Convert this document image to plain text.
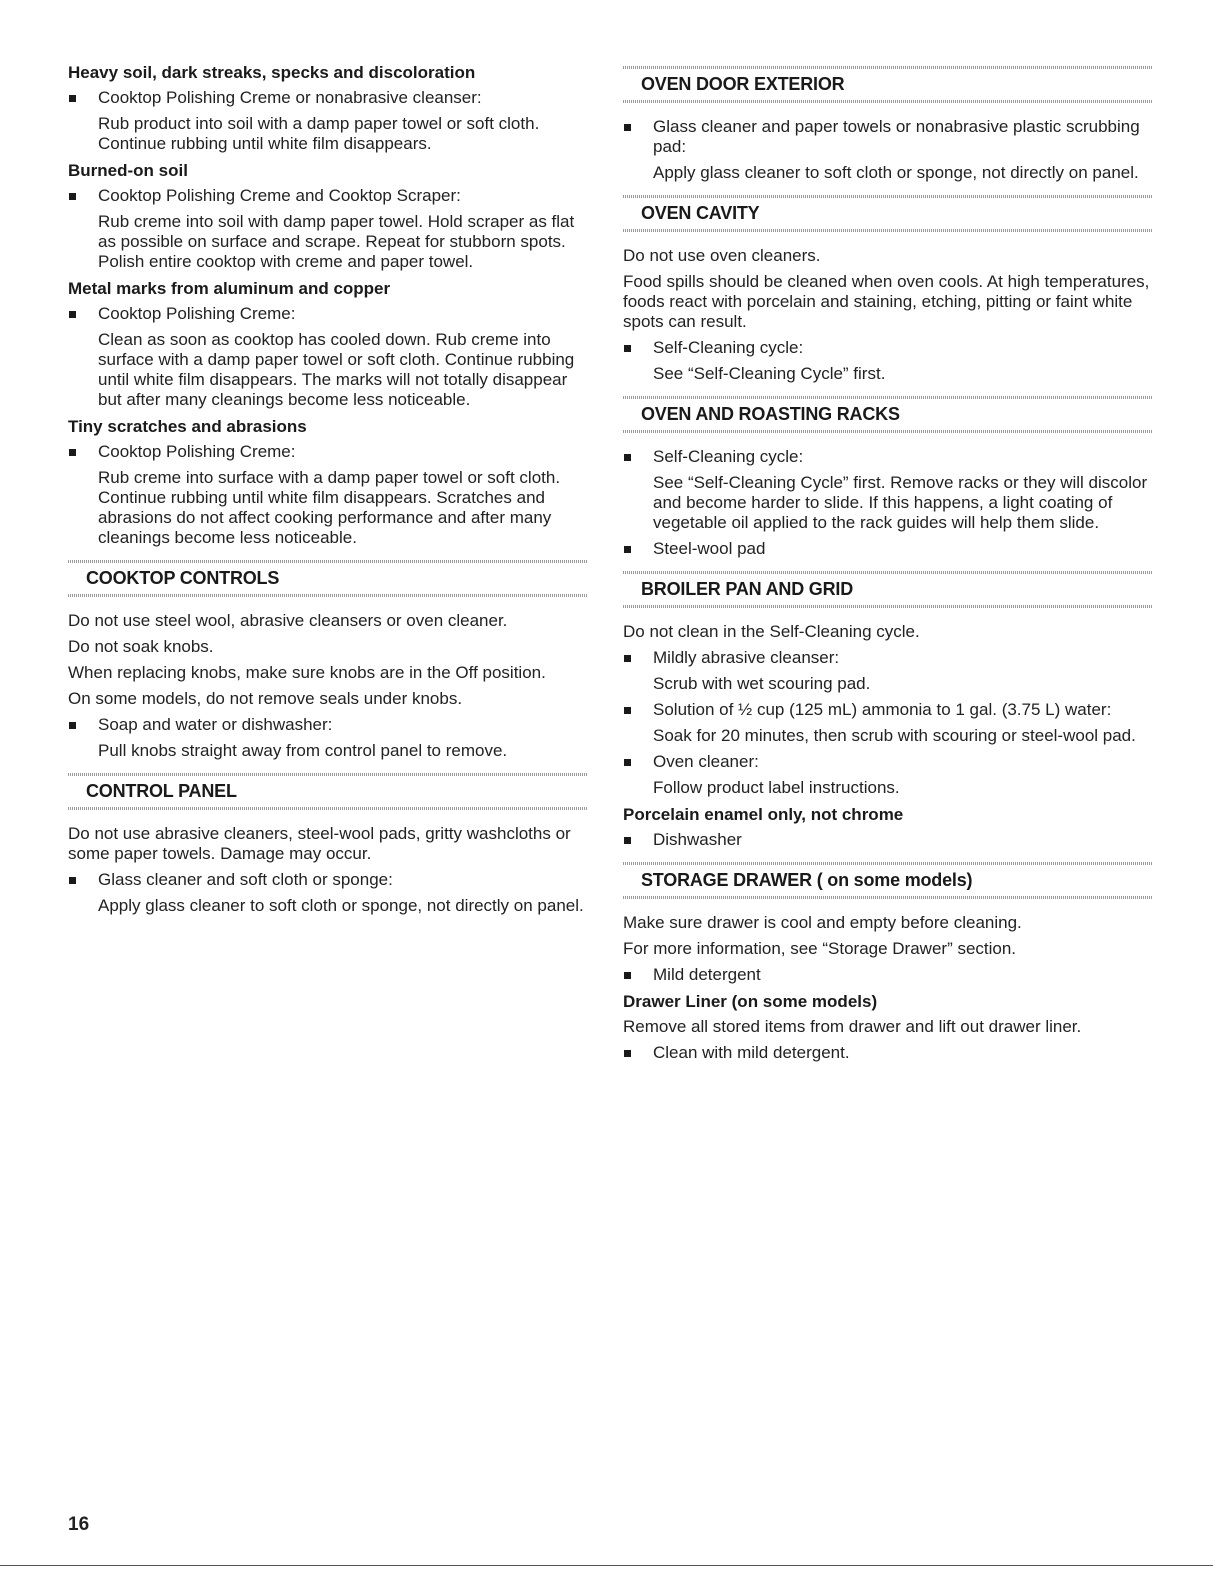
Heavy soil, dark streaks, specks and discoloration
Cooktop Polishing Creme or nonabrasive cleanser:
Rub product into soil with a damp paper towel or soft cloth. Continue rubbing until white film disappears.
Burned-on soil
Cooktop Polishing Creme and Cooktop Scraper:
Rub creme into soil with damp paper towel. Hold scraper as flat as possible on surface and scrape. Repeat for stubborn spots. Polish entire cooktop with creme and paper towel.
Metal marks from aluminum and copper
Cooktop Polishing Creme:
Clean as soon as cooktop has cooled down. Rub creme into surface with a damp paper towel or soft cloth. Continue rubbing until white film disappears. The marks will not totally disappear but after many cleanings become less noticeable.
Tiny scratches and abrasions
Cooktop Polishing Creme:
Rub creme into surface with a damp paper towel or soft cloth. Continue rubbing until white film disappears. Scratches and abrasions do not affect cooking performance and after many cleanings become less noticeable.
COOKTOP CONTROLS
Do not use steel wool, abrasive cleansers or oven cleaner.
Do not soak knobs.
When replacing knobs, make sure knobs are in the Off position.
On some models, do not remove seals under knobs.
Soap and water or dishwasher:
Pull knobs straight away from control panel to remove.
CONTROL PANEL
Do not use abrasive cleaners, steel-wool pads, gritty washcloths or some paper towels. Damage may occur.
Glass cleaner and soft cloth or sponge:
Apply glass cleaner to soft cloth or sponge, not directly on panel.
OVEN DOOR EXTERIOR
Glass cleaner and paper towels or nonabrasive plastic scrubbing pad:
Apply glass cleaner to soft cloth or sponge, not directly on panel.
OVEN CAVITY
Do not use oven cleaners.
Food spills should be cleaned when oven cools. At high temperatures, foods react with porcelain and staining, etching, pitting or faint white spots can result.
Self-Cleaning cycle:
See “Self-Cleaning Cycle” first.
OVEN AND ROASTING RACKS
Self-Cleaning cycle:
See “Self-Cleaning Cycle” first. Remove racks or they will discolor and become harder to slide. If this happens, a light coating of vegetable oil applied to the rack guides will help them slide.
Steel-wool pad
BROILER PAN AND GRID
Do not clean in the Self-Cleaning cycle.
Mildly abrasive cleanser:
Scrub with wet scouring pad.
Solution of ½ cup (125 mL) ammonia to 1 gal. (3.75 L) water:
Soak for 20 minutes, then scrub with scouring or steel-wool pad.
Oven cleaner:
Follow product label instructions.
Porcelain enamel only, not chrome
Dishwasher
STORAGE DRAWER ( on some models)
Make sure drawer is cool and empty before cleaning.
For more information, see “Storage Drawer” section.
Mild detergent
Drawer Liner (on some models)
Remove all stored items from drawer and lift out drawer liner.
Clean with mild detergent.
16
